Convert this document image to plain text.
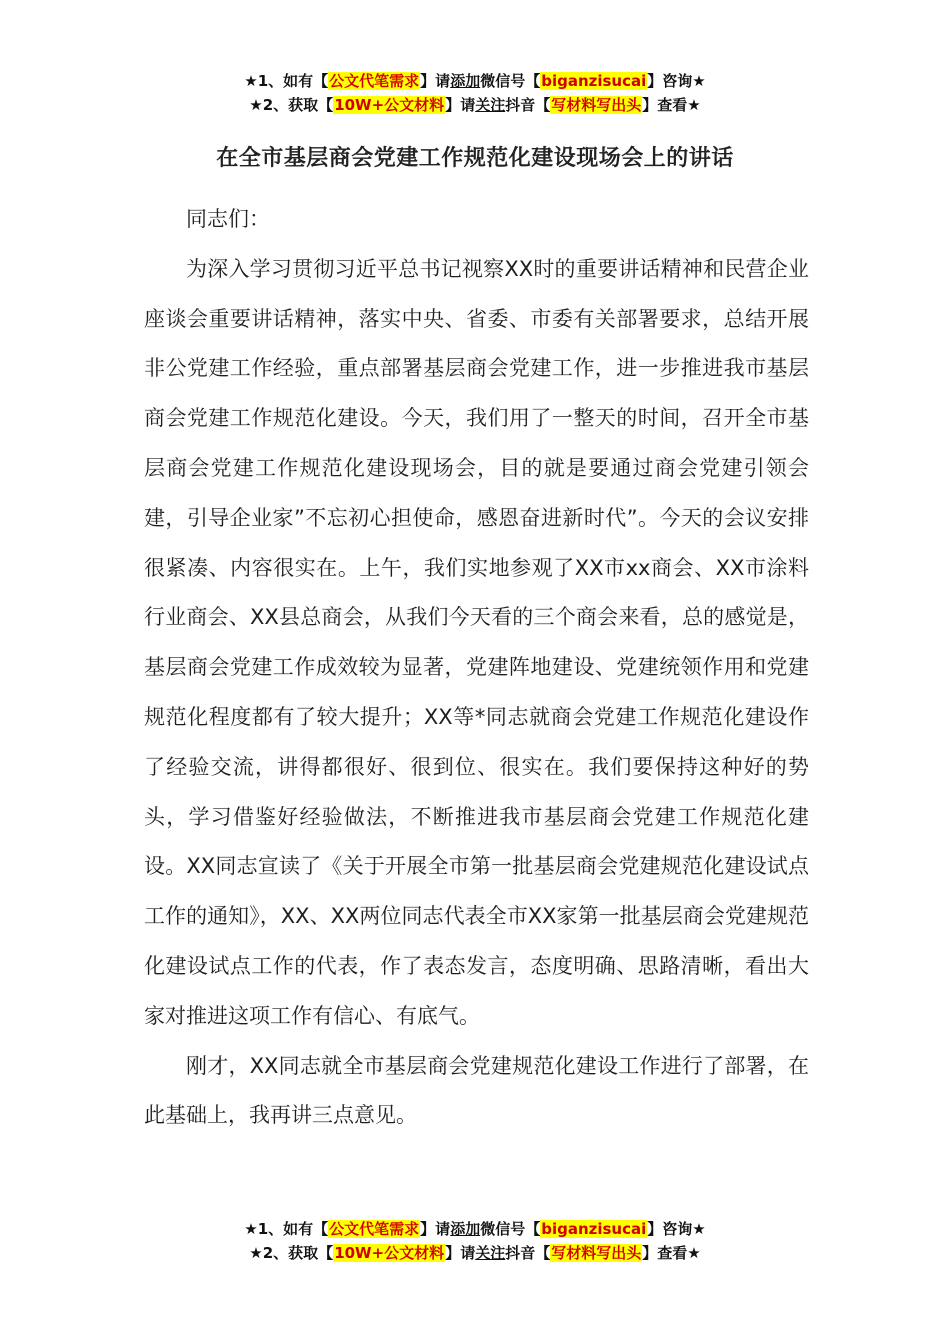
★1、如有【公文代笔需求】请添加微信号【biganzisucai】咨询★
★2、获取【10W+公文材料】请关注抖音【写材料写出头】查看★
在全市基层商会党建工作规范化建设现场会上的讲话

同志们：

为深入学习贯彻习近平总书记视察XX时的重要讲话精神和民营企业座谈会重要讲话精神，落实中央、省委、市委有关部署要求，总结开展非公党建工作经验，重点部署基层商会党建工作，进一步推进我市基层商会党建工作规范化建设。今天，我们用了一整天的时间，召开全市基层商会党建工作规范化建设现场会，目的就是要通过商会党建引领会建，引导企业家”不忘初心担使命，感恩奋进新时代”。今天的会议安排很紧凑、内容很实在。上午，我们实地参观了XX市xx商会、XX市涂料行业商会、XX县总商会，从我们今天看的三个商会来看，总的感觉是，基层商会党建工作成效较为显著，党建阵地建设、党建统领作用和党建规范化程度都有了较大提升；XX等*同志就商会党建工作规范化建设作了经验交流，讲得都很好、很到位、很实在。我们要保持这种好的势头，学习借鉴好经验做法，不断推进我市基层商会党建工作规范化建设。XX同志宣读了《关于开展全市第一批基层商会党建规范化建设试点工作的通知》，XX、XX两位同志代表全市XX家第一批基层商会党建规范化建设试点工作的代表，作了表态发言，态度明确、思路清晰，看出大家对推进这项工作有信心、有底气。

刚才，XX同志就全市基层商会党建规范化建设工作进行了部署，在此基础上，我再讲三点意见。

★1、如有【公文代笔需求】请添加微信号【biganzisucai】咨询★
★2、获取【10W+公文材料】请关注抖音【写材料写出头】查看★
